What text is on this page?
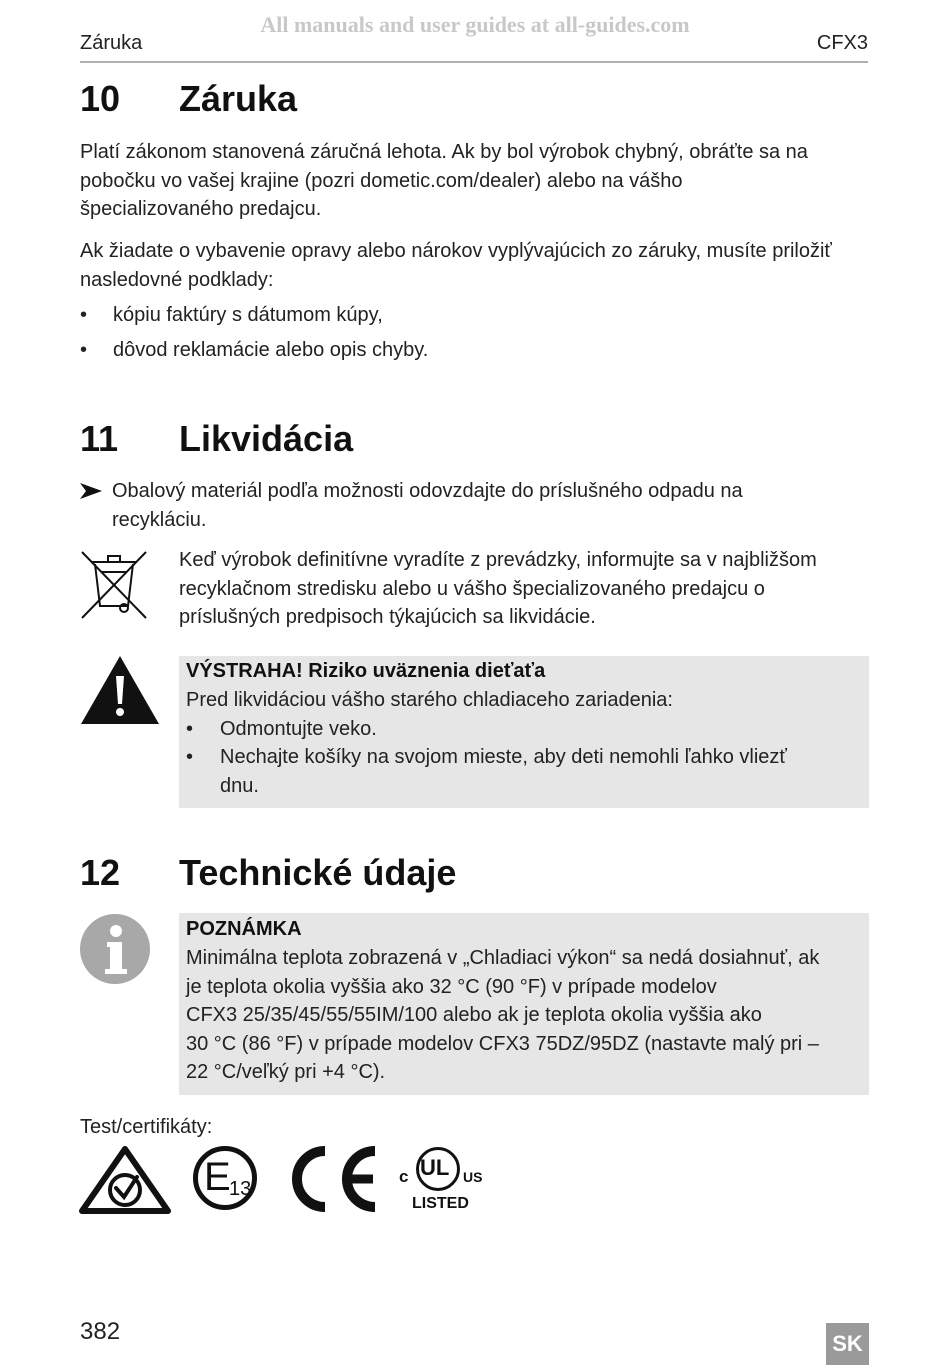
All manuals and user guides at all-guides.com
Záruka	CFX3
10 Záruka
Platí zákonom stanovená záručná lehota. Ak by bol výrobok chybný, obráťte sa na
pobočku vo vašej krajine (pozri dometic.com/dealer) alebo na vášho
špecializovaného predajcu.
Ak žiadate o vybavenie opravy alebo nárokov vyplývajúcich zo záruky, musíte priložiť
nasledovné podklady:
• kópiu faktúry s dátumom kúpy,
• dôvod reklamácie alebo opis chyby.
11 Likvidácia
Obalový materiál podľa možnosti odovzdajte do príslušného odpadu na
recykláciu.
Keď výrobok definitívne vyradíte z prevádzky, informujte sa v najbližšom
recyklačnom stredisku alebo u vášho špecializovaného predajcu o
príslušných predpisoch týkajúcich sa likvidácie.
VÝSTRAHA! Riziko uväznenia dieťaťa
Pred likvidáciou vášho starého chladiaceho zariadenia:
• Odmontujte veko.
• Nechajte košíky na svojom mieste, aby deti nemohli ľahko vliezť
dnu.
12 Technické údaje
POZNÁMKA
Minimálna teplota zobrazená v „Chladiaci výkon“ sa nedá dosiahnuť, ak
je teplota okolia vyššia ako 32 °C (90 °F) v prípade modelov
CFX3 25/35/45/55/55IM/100 alebo ak je teplota okolia vyššia ako
30 °C (86 °F) v prípade modelov CFX3 75DZ/95DZ (nastavte malý pri –
22 °C/veľký pri +4 °C).
Test/certifikáty:
E
13
UL
c	US
LISTED
382	SK
